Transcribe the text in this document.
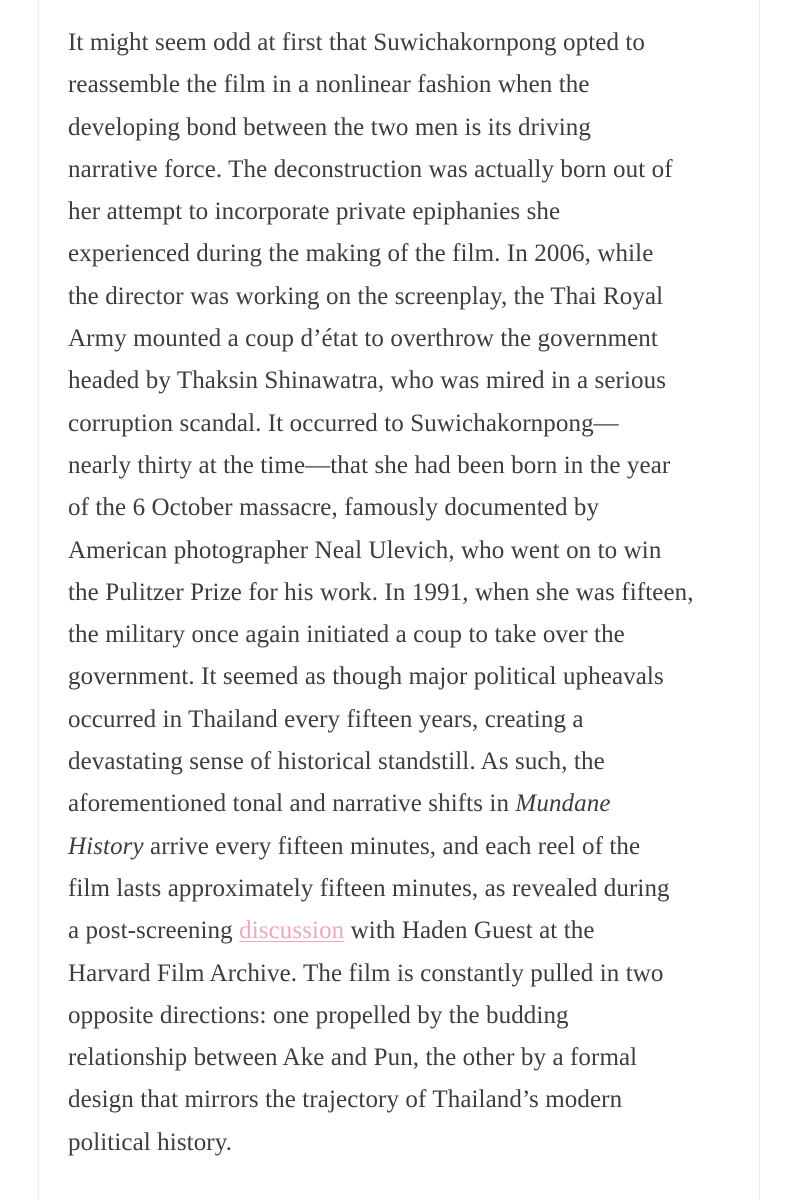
It might seem odd at first that Suwichakornpong opted to
reassemble the film in a nonlinear fashion when the
developing bond between the two men is its driving
narrative force. The deconstruction was actually born out of
her attempt to incorporate private epiphanies she
experienced during the making of the film. In 2006, while
the director was working on the screenplay, the Thai Royal
Army mounted a coup d’état to overthrow the government
headed by Thaksin Shinawatra, who was mired in a serious
corruption scandal. It occurred to Suwichakornpong—
nearly thirty at the time—that she had been born in the year
of the 6 October massacre, famously documented by
American photographer Neal Ulevich, who went on to win
the Pulitzer Prize for his work. In 1991, when she was fifteen,
the military once again initiated a coup to take over the
government. It seemed as though major political upheavals
occurred in Thailand every fifteen years, creating a
devastating sense of historical standstill. As such, the
aforementioned tonal and narrative shifts in Mundane
History arrive every fifteen minutes, and each reel of the
film lasts approximately fifteen minutes, as revealed during
a post-screening discussion with Haden Guest at the
Harvard Film Archive. The film is constantly pulled in two
opposite directions: one propelled by the budding
relationship between Ake and Pun, the other by a formal
design that mirrors the trajectory of Thailand’s modern
political history.
